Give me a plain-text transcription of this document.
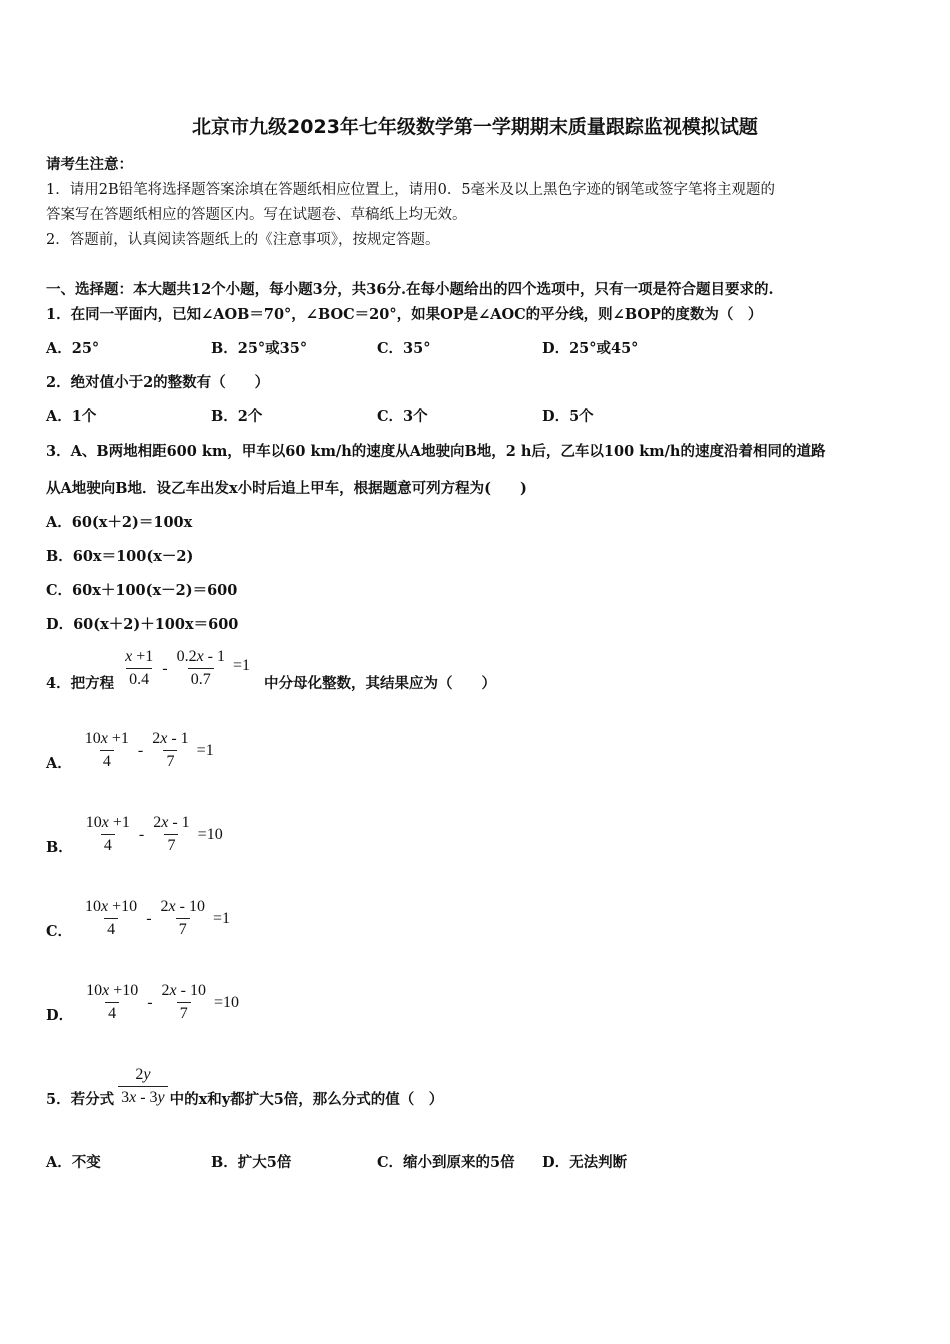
北京市九级2023年七年级数学第一学期期末质量跟踪监视模拟试题
请考生注意：
1．请用2B铅笔将选择题答案涂填在答题纸相应位置上，请用0．5毫米及以上黑色字迹的钢笔或签字笔将主观题的
答案写在答题纸相应的答题区内。写在试题卷、草稿纸上均无效。
2．答题前，认真阅读答题纸上的《注意事项》，按规定答题。
一、选择题：本大题共12个小题，每小题3分，共36分.在每小题给出的四个选项中，只有一项是符合题目要求的.
1．在同一平面内，已知∠AOB＝70°，∠BOC＝20°，如果OP是∠AOC的平分线，则∠BOP的度数为（　）
A．25°	B．25°或35°	C．35°	D．25°或45°
2．绝对值小于2的整数有（　　）
A．1个	B．2个	C．3个	D．5个
3．A、B两地相距600 km，甲车以60 km/h的速度从A地驶向B地，2 h后，乙车以100 km/h的速度沿着相同的道路
从A地驶向B地．设乙车出发x小时后追上甲车，根据题意可列方程为(　　)
A．60(x＋2)＝100x
B．60x＝100(x－2)
C．60x＋100(x－2)＝600
D．60(x＋2)＋100x＝600
4．把方程 $\frac{x +1}{0.4} - \frac{0.2x - 1}{0.7} =1$
中分母化整数，其结果应为（　　）
A． $\frac{10x +1}{4} - \frac{2x - 1}{7} =1$
B． $\frac{10x +1}{4} - \frac{2x - 1}{7} =10$
C． $\frac{10x +10}{4} - \frac{2x - 10}{7} =1$
D． $\frac{10x +10}{4} - \frac{2x - 10}{7} =10$
5．若分式 $\frac{2y}{3x - 3y}$ 中的x和y都扩大5倍，那么分式的值（　）
A．不变	B．扩大5倍	C．缩小到原来的5倍 D．无法判断
